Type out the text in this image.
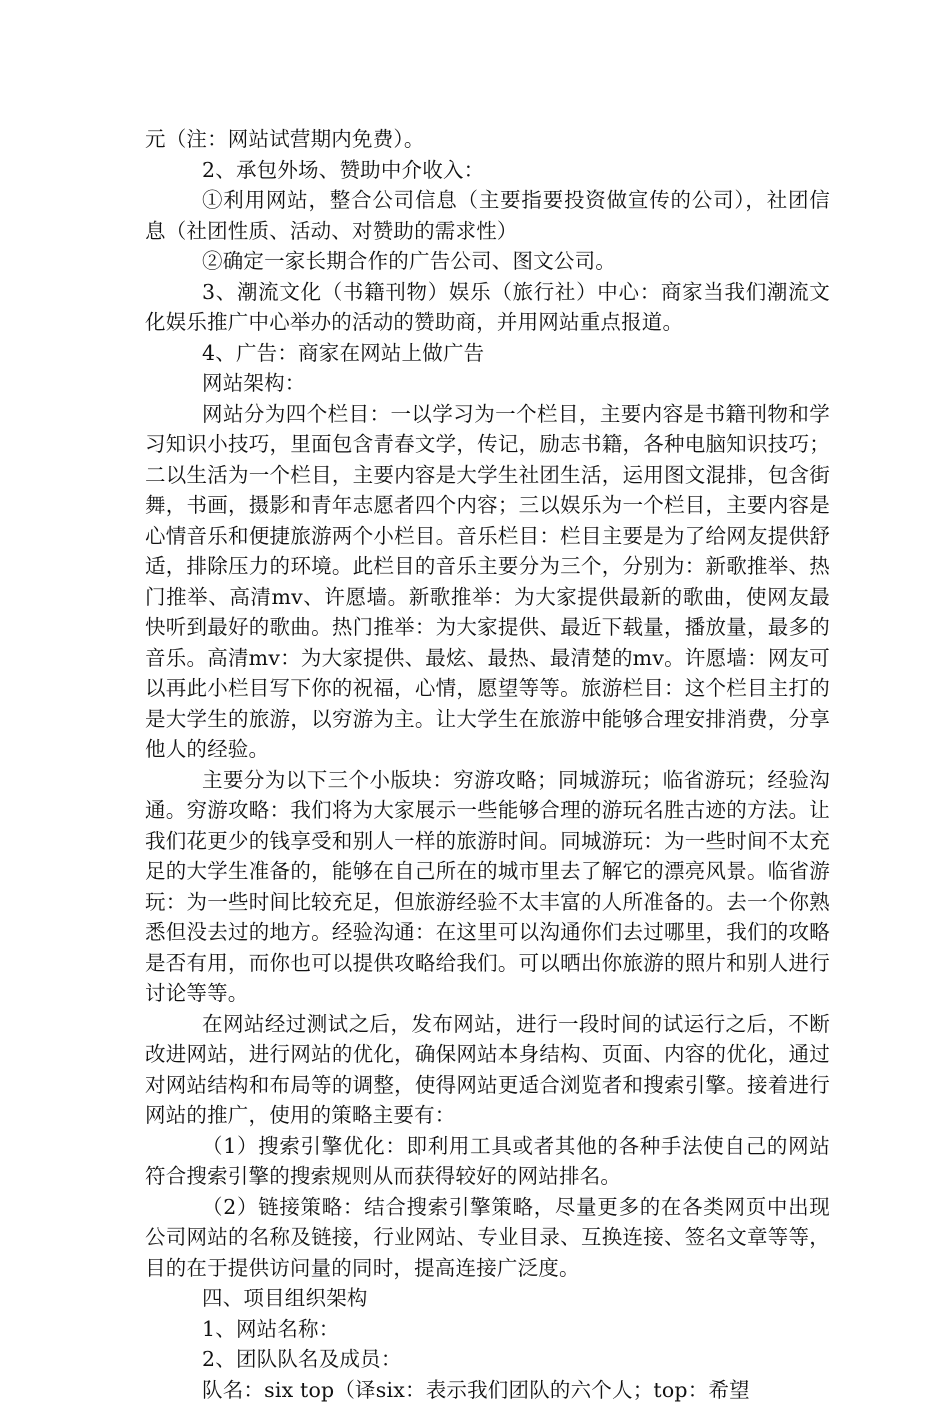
元（注：网站试营期内免费）。

2、承包外场、赞助中介收入：

①利用网站，整合公司信息（主要指要投资做宣传的公司），社团信息（社团性质、活动、对赞助的需求性）

②确定一家长期合作的广告公司、图文公司。

3、潮流文化（书籍刊物）娱乐（旅行社）中心：商家当我们潮流文化娱乐推广中心举办的活动的赞助商，并用网站重点报道。

4、广告：商家在网站上做广告

网站架构：

网站分为四个栏目：一以学习为一个栏目，主要内容是书籍刊物和学习知识小技巧，里面包含青春文学，传记，励志书籍，各种电脑知识技巧；二以生活为一个栏目，主要内容是大学生社团生活，运用图文混排，包含街舞，书画，摄影和青年志愿者四个内容；三以娱乐为一个栏目，主要内容是心情音乐和便捷旅游两个小栏目。音乐栏目：栏目主要是为了给网友提供舒适，排除压力的环境。此栏目的音乐主要分为三个，分别为：新歌推举、热门推举、高清mv、许愿墙。新歌推举：为大家提供最新的歌曲，使网友最快听到最好的歌曲。热门推举：为大家提供、最近下载量，播放量，最多的音乐。高清mv：为大家提供、最炫、最热、最清楚的mv。许愿墙：网友可以再此小栏目写下你的祝福，心情，愿望等等。旅游栏目：这个栏目主打的是大学生的旅游，以穷游为主。让大学生在旅游中能够合理安排消费，分享他人的经验。

主要分为以下三个小版块：穷游攻略；同城游玩；临省游玩；经验沟通。穷游攻略：我们将为大家展示一些能够合理的游玩名胜古迹的方法。让我们花更少的钱享受和别人一样的旅游时间。同城游玩：为一些时间不太充足的大学生准备的，能够在自己所在的城市里去了解它的漂亮风景。临省游玩：为一些时间比较充足，但旅游经验不太丰富的人所准备的。去一个你熟悉但没去过的地方。经验沟通：在这里可以沟通你们去过哪里，我们的攻略是否有用，而你也可以提供攻略给我们。可以晒出你旅游的照片和别人进行讨论等等。

在网站经过测试之后，发布网站，进行一段时间的试运行之后，不断改进网站，进行网站的优化，确保网站本身结构、页面、内容的优化，通过对网站结构和布局等的调整，使得网站更适合浏览者和搜索引擎。接着进行网站的推广，使用的策略主要有：

（1）搜索引擎优化：即利用工具或者其他的各种手法使自己的网站符合搜索引擎的搜索规则从而获得较好的网站排名。

（2）链接策略：结合搜索引擎策略，尽量更多的在各类网页中出现公司网站的名称及链接，行业网站、专业目录、互换连接、签名文章等等，目的在于提供访问量的同时，提高连接广泛度。

四、项目组织架构

1、网站名称：

2、团队队名及成员：

队名：six top（译six：表示我们团队的六个人；top：希望
